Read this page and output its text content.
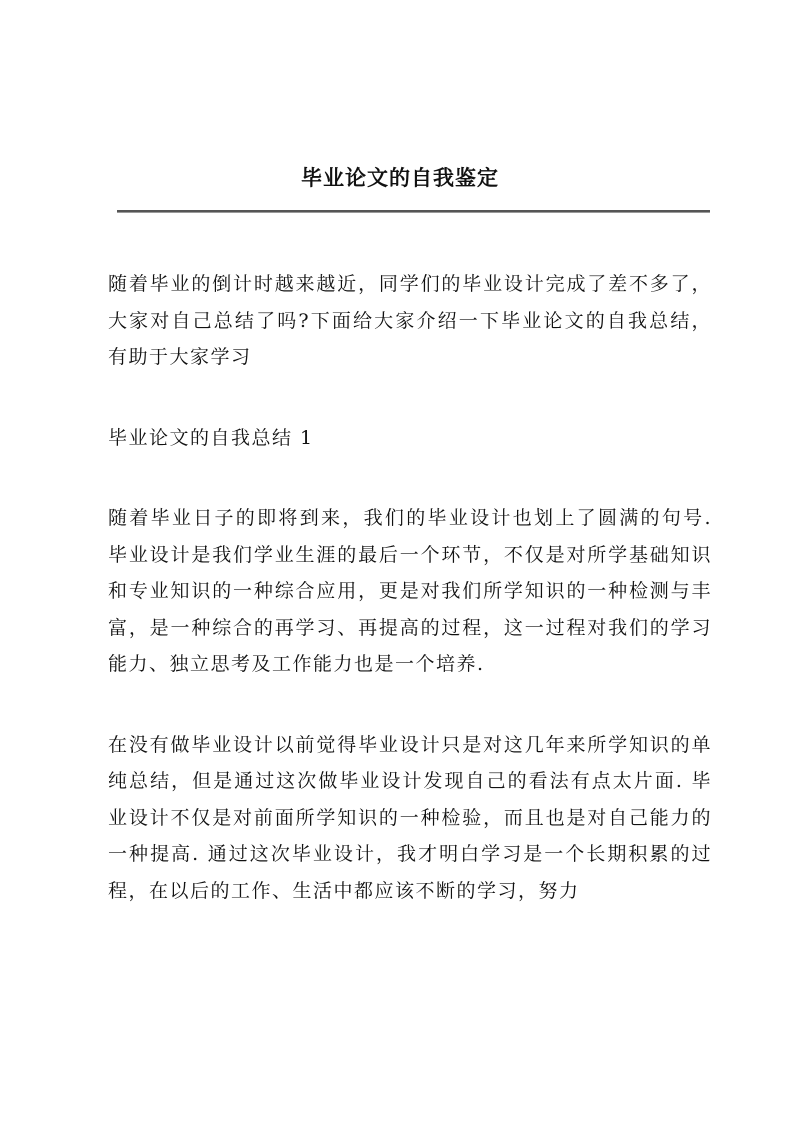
毕业论文的自我鉴定

随着毕业的倒计时越来越近，同学们的毕业设计完成了差不多了，大家对自己总结了吗?下面给大家介绍一下毕业论文的自我总结，有助于大家学习

毕业论文的自我总结 1

随着毕业日子的即将到来，我们的毕业设计也划上了圆满的句号. 毕业设计是我们学业生涯的最后一个环节，不仅是对所学基础知识和专业知识的一种综合应用，更是对我们所学知识的一种检测与丰富，是一种综合的再学习、再提高的过程，这一过程对我们的学习能力、独立思考及工作能力也是一个培养.

在没有做毕业设计以前觉得毕业设计只是对这几年来所学知识的单纯总结，但是通过这次做毕业设计发现自己的看法有点太片面. 毕业设计不仅是对前面所学知识的一种检验，而且也是对自己能力的一种提高. 通过这次毕业设计，我才明白学习是一个长期积累的过程，在以后的工作、生活中都应该不断的学习，努力
